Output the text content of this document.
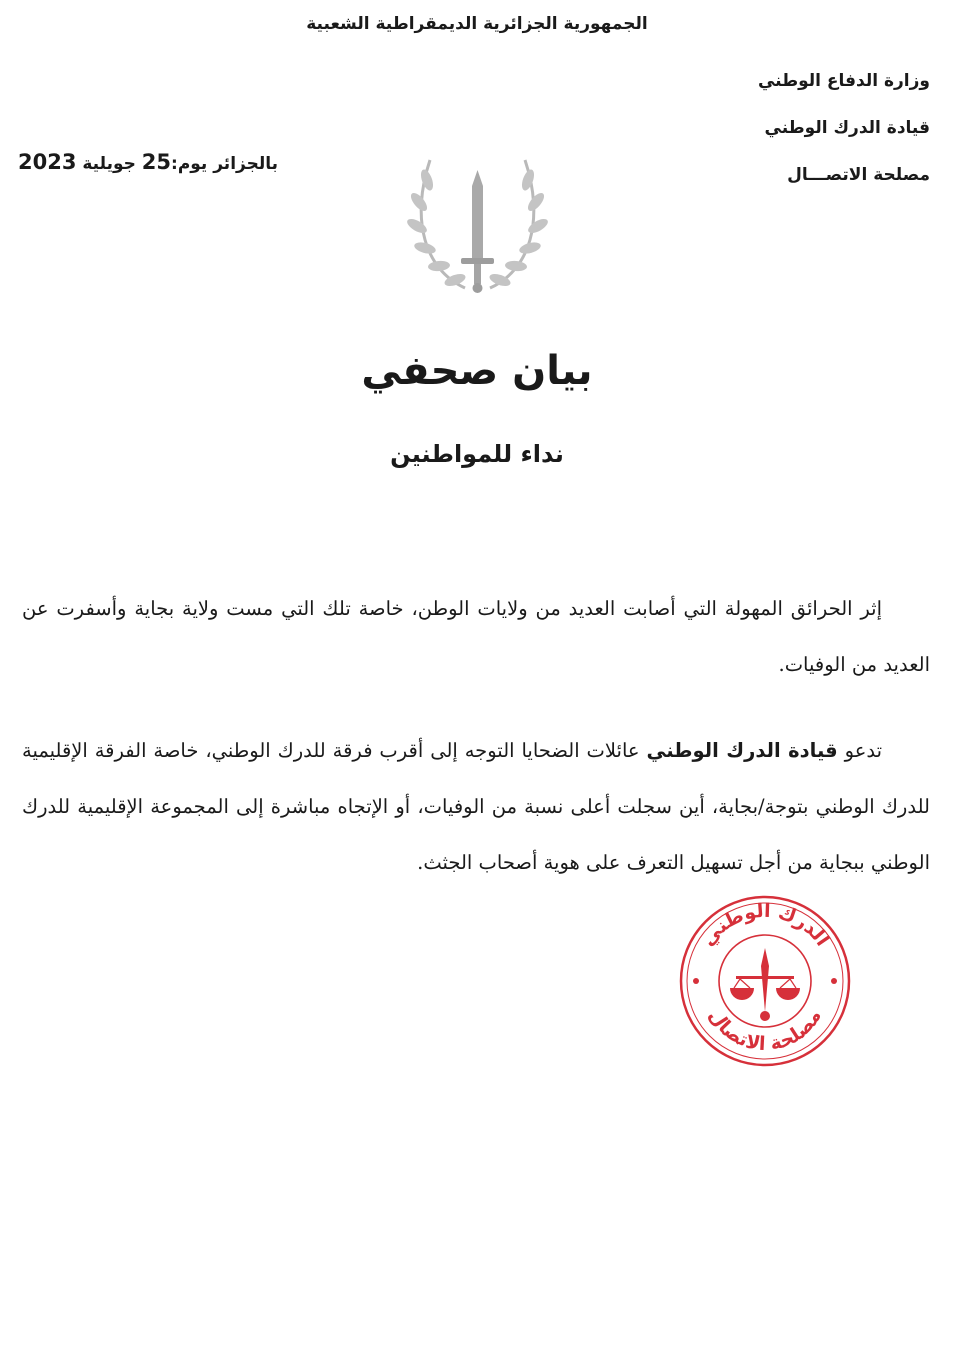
الجمهورية الجزائرية الديمقراطية الشعبية
وزارة الدفاع الوطني
قيادة الدرك الوطني
مصلحة الاتصـــال
بالجزائر يوم:25 جويلية 2023
بيان صحفي
نداء للمواطنين

إثر الحرائق المهولة التي أصابت العديد من ولايات الوطن، خاصة تلك التي مست ولاية بجاية وأسفرت عن العديد من الوفيات.

تدعو قيادة الدرك الوطني عائلات الضحايا التوجه إلى أقرب فرقة للدرك الوطني، خاصة الفرقة الإقليمية للدرك الوطني بتوجة/بجاية، أين سجلت أعلى نسبة من الوفيات، أو الإتجاه مباشرة إلى المجموعة الإقليمية للدرك الوطني ببجاية من أجل تسهيل التعرف على هوية أصحاب الجثث.

الدرك الوطني
مصلحة الاتصال
